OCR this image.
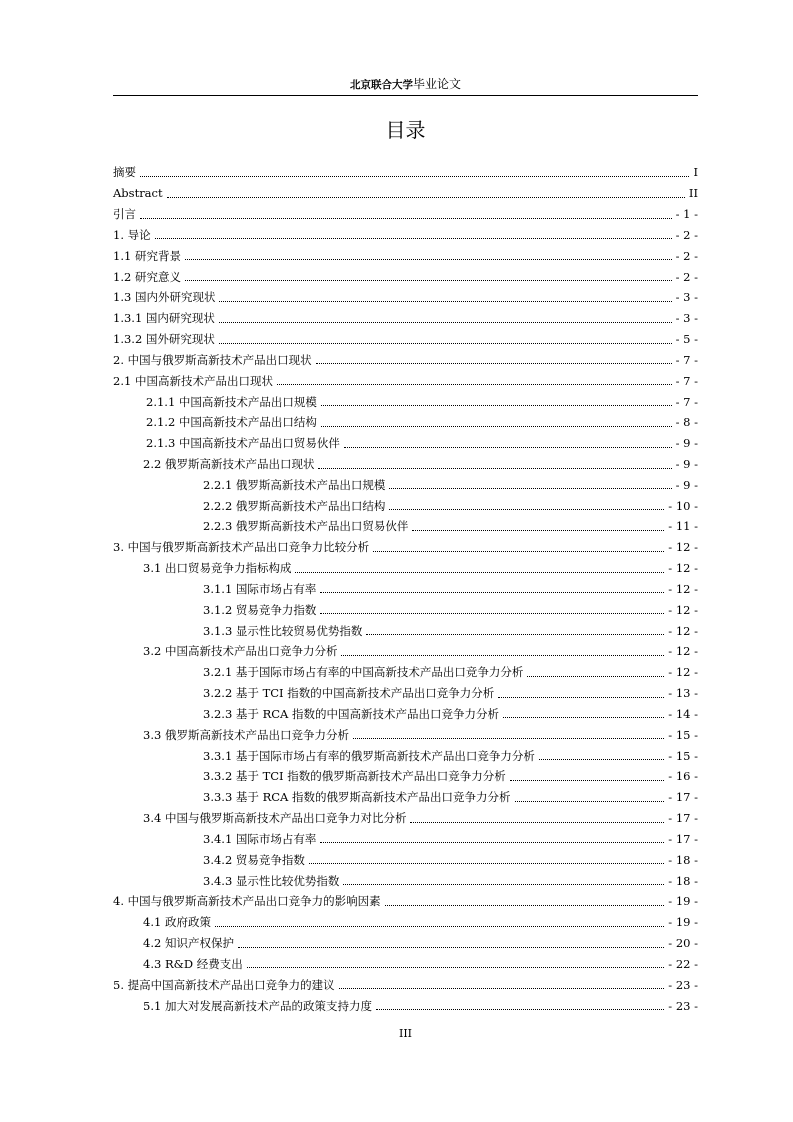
北京联合大学毕业论文
目录
摘要	I
Abstract	II
引言	- 1 -
1. 导论	- 2 -
1.1 研究背景	- 2 -
1.2 研究意义	- 2 -
1.3 国内外研究现状	- 3 -
1.3.1 国内研究现状	- 3 -
1.3.2 国外研究现状	- 5 -
2. 中国与俄罗斯高新技术产品出口现状	- 7 -
2.1 中国高新技术产品出口现状	- 7 -
2.1.1 中国高新技术产品出口规模	- 7 -
2.1.2 中国高新技术产品出口结构	- 8 -
2.1.3 中国高新技术产品出口贸易伙伴	- 9 -
2.2 俄罗斯高新技术产品出口现状	- 9 -
2.2.1 俄罗斯高新技术产品出口规模	- 9 -
2.2.2 俄罗斯高新技术产品出口结构	- 10 -
2.2.3 俄罗斯高新技术产品出口贸易伙伴	- 11 -
3. 中国与俄罗斯高新技术产品出口竞争力比较分析	- 12 -
3.1 出口贸易竞争力指标构成	- 12 -
3.1.1 国际市场占有率	- 12 -
3.1.2 贸易竞争力指数	- 12 -
3.1.3 显示性比较贸易优势指数	- 12 -
3.2 中国高新技术产品出口竞争力分析	- 12 -
3.2.1 基于国际市场占有率的中国高新技术产品出口竞争力分析	- 12 -
3.2.2 基于 TCI 指数的中国高新技术产品出口竞争力分析	- 13 -
3.2.3 基于 RCA 指数的中国高新技术产品出口竞争力分析	- 14 -
3.3 俄罗斯高新技术产品出口竞争力分析	- 15 -
3.3.1 基于国际市场占有率的俄罗斯高新技术产品出口竞争力分析	- 15 -
3.3.2 基于 TCI 指数的俄罗斯高新技术产品出口竞争力分析	- 16 -
3.3.3 基于 RCA 指数的俄罗斯高新技术产品出口竞争力分析	- 17 -
3.4 中国与俄罗斯高新技术产品出口竞争力对比分析	- 17 -
3.4.1 国际市场占有率	- 17 -
3.4.2 贸易竞争指数	- 18 -
3.4.3 显示性比较优势指数	- 18 -
4. 中国与俄罗斯高新技术产品出口竞争力的影响因素	- 19 -
4.1 政府政策	- 19 -
4.2 知识产权保护	- 20 -
4.3 R&D 经费支出	- 22 -
5. 提高中国高新技术产品出口竞争力的建议	- 23 -
5.1 加大对发展高新技术产品的政策支持力度	- 23 -
III
